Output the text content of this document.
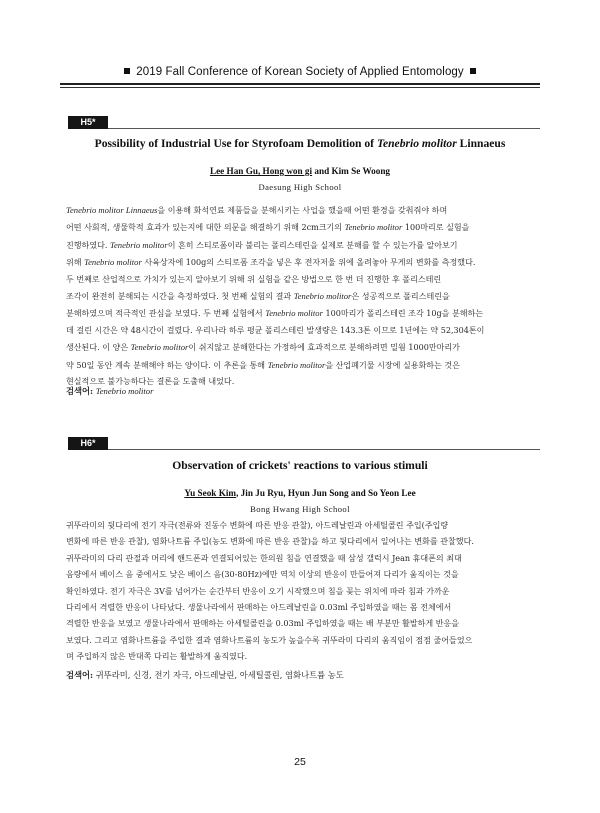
2019 Fall Conference of Korean Society of Applied Entomology
H5*
Possibility of Industrial Use for Styrofoam Demolition of Tenebrio molitor Linnaeus
Lee Han Gu, Hong won gi and Kim Se Woong
Daesung High School

Tenebrio molitor Linnaeus을 이용해 화석연료 제품들을 분해시키는 사업을 했을때 어떤 환경을 갖춰줘야 하며
어떤 사회적, 생물학적 효과가 있는지에 대한 의문을 해결하기 위해 2cm크기의 Tenebrio molitor 100마리로 실험을
진행하였다. Tenebrio molitor이 흔히 스티로폼이라 불리는 폴리스테린을 실제로 분해를 할 수 있는가를 알아보기
위해 Tenebrio molitor 사육상자에 100g의 스티로폼 조각을 넣은 후 전자저울 위에 올려놓아 무게의 변화를 측정했다.
두 번째로 산업적으로 가치가 있는지 알아보기 위해 위 실험을 같은 방법으로 한 번 더 진행한 후 폴리스테린
조각이 완전히 분해되는 시간을 측정하였다. 첫 번째 실험의 결과 Tenebrio molitor은 성공적으로 폴리스테린을
분해하였으며 적극적인 관심을 보였다. 두 번째 실험에서 Tenebrio molitor 100마리가 폴리스테린 조각 10g을 분해하는
데 걸린 시간은 약 48시간이 걸렸다. 우리나라 하루 평균 폴리스테린 발생량은 143.3톤 이므로 1년에는 약 52,304톤이
생산된다. 이 양은 Tenebrio molitor이 쉬지않고 분해한다는 가정하에 효과적으로 분해하려면 밀웜 1000만마리가
약 50일 동안 계속 분해해야 하는 양이다. 이 추론을 통해 Tenebrio molitor을 산업폐기물 시장에 실용화하는 것은
현실적으로 불가능하다는 결론을 도출해 내었다.

검색어: Tenebrio molitor
H6*
Observation of crickets' reactions to various stimuli
Yu Seok Kim, Jin Ju Ryu, Hyun Jun Song and So Yeon Lee
Bong Hwang High School

귀뚜라미의 뒷다리에 전기 자극(전류와 진동수 변화에 따른 반응 관찰), 아드레날린과 아세틸콜린 주입(주입량
변화에 따른 반응 관찰), 염화나트륨 주입(농도 변화에 따른 반응 관찰)을 하고 뒷다리에서 일어나는 변화를 관찰했다.
귀뚜라미의 다리 관절과 머리에 핸드폰과 연결되어있는 한의원 침을 연결했을 때 삼성 갤럭시 Jean 휴대폰의 최대
음량에서 베이스 음 중에서도 낮은 베이스 음(30-80Hz)에만 역치 이상의 반응이 만들어져 다리가 움직이는 것을
확인하였다. 전기 자극은 3V를 넘어가는 순간부터 반응이 오기 시작했으며 침을 꽂는 위치에 따라 침과 가까운
다리에서 격렬한 반응이 나타났다. 생물나라에서 판매하는 아드레날린을 0.03ml 주입하였을 때는 몸 전체에서
격렬한 반응을 보였고 생물나라에서 판매하는 아세틸콜린을 0.03ml 주입하였을 때는 배 부분만 활발하게 반응을
보였다. 그리고 염화나트륨을 주입한 결과 염화나트륨의 농도가 높을수록 귀뚜라미 다리의 움직임이 점점 줄어들었으
며 주입하지 않은 반대쪽 다리는 활발하게 움직였다.

검색어: 귀뚜라미, 신경, 전기 자극, 아드레날린, 아세틸콜린, 염화나트륨 농도
25
